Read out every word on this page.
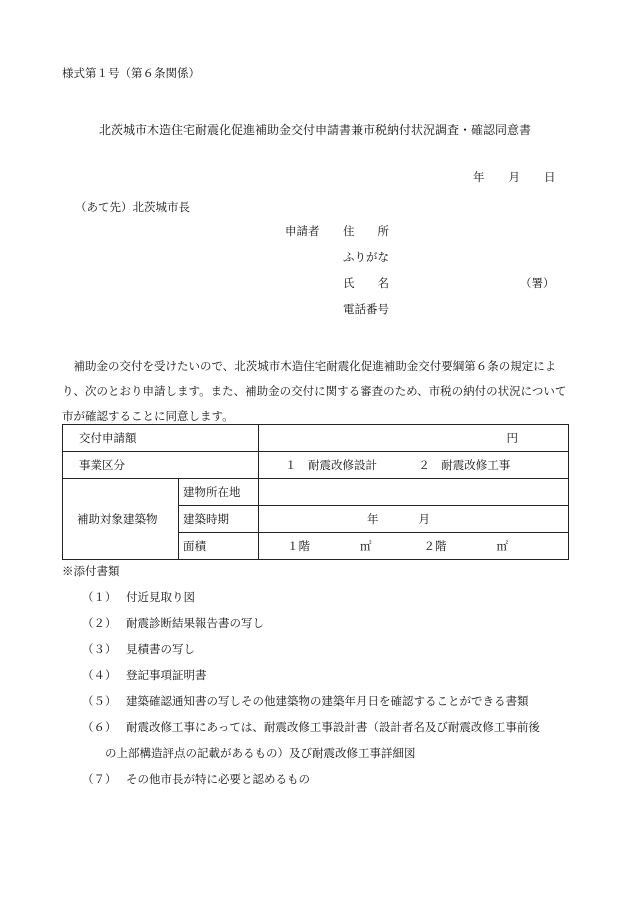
様式第１号（第６条関係）
北茨城市木造住宅耐震化促進補助金交付申請書兼市税納付状況調査・確認同意書
年 月 日
（あて先）北茨城市長
申請者 住　　所
ふりがな
氏　　名	（署）
電話番号
補助金の交付を受けたいので、北茨城市木造住宅耐震化促進補助金交付要綱第６条の規定により、次のとおり申請します。また、補助金の交付に関する審査のため、市税の納付の状況について市が確認することに同意します。
交付申請額		円
事業区分		１　耐震改修設計 ２　耐震改修工事
補助対象建築物	建物所在地	
	建築時期	年 月
	面積	１階 ㎡ ２階 ㎡
※添付書類
（１） 付近見取り図
（２） 耐震診断結果報告書の写し
（３） 見積書の写し
（４） 登記事項証明書
（５） 建築確認通知書の写しその他建築物の建築年月日を確認することができる書類
（６） 耐震改修工事にあっては、耐震改修工事設計書（設計者名及び耐震改修工事前後
の上部構造評点の記載があるもの）及び耐震改修工事詳細図
（７） その他市長が特に必要と認めるもの
